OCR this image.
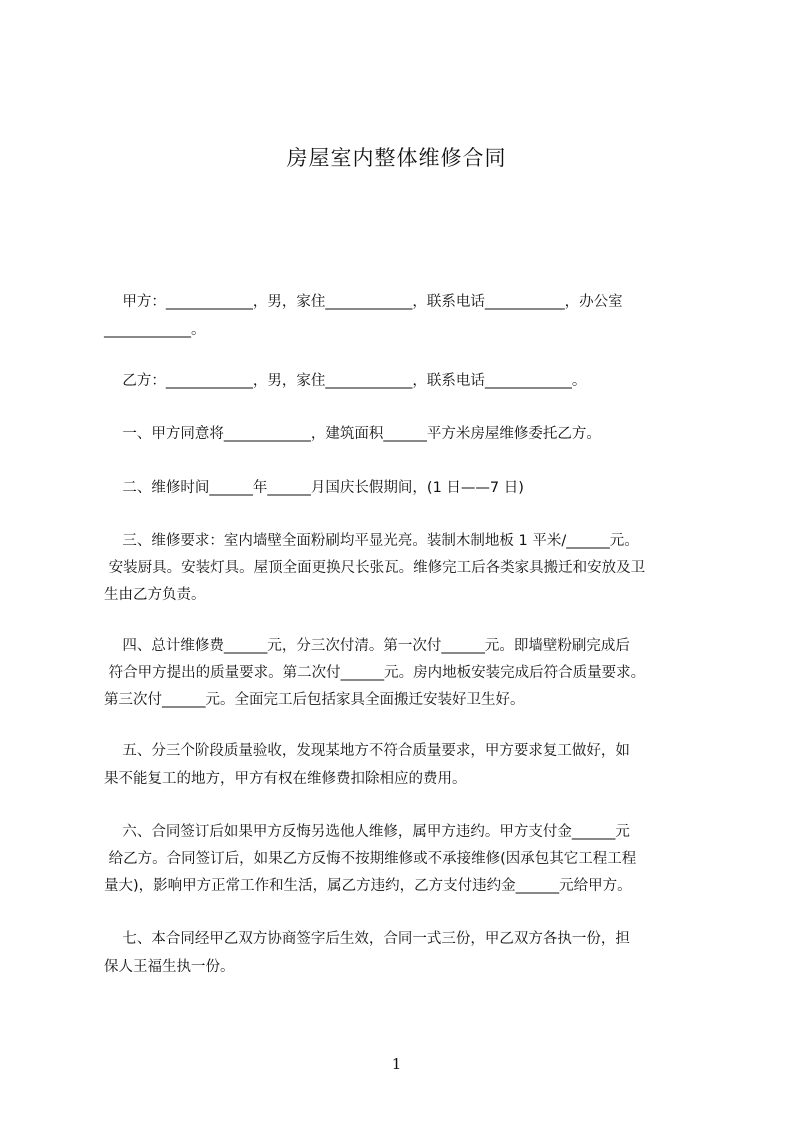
房屋室内整体维修合同
甲方：____________，男，家住____________，联系电话___________，办公室
____________。
乙方：____________，男，家住____________，联系电话____________。
一、甲方同意将____________，建筑面积______平方米房屋维修委托乙方。
二、维修时间______年______月国庆长假期间，(1 日——7 日)
三、维修要求：室内墙壁全面粉刷均平显光亮。装制木制地板 1 平米/______元。
安装厨具。安装灯具。屋顶全面更换尺长张瓦。维修完工后各类家具搬迁和安放及卫
生由乙方负责。
四、总计维修费______元，分三次付清。第一次付______元。即墙壁粉刷完成后
符合甲方提出的质量要求。第二次付______元。房内地板安装完成后符合质量要求。
第三次付______元。全面完工后包括家具全面搬迁安装好卫生好。
五、分三个阶段质量验收，发现某地方不符合质量要求，甲方要求复工做好，如
果不能复工的地方，甲方有权在维修费扣除相应的费用。
六、合同签订后如果甲方反悔另选他人维修，属甲方违约。甲方支付金______元
给乙方。合同签订后，如果乙方反悔不按期维修或不承接维修(因承包其它工程工程
量大)，影响甲方正常工作和生活，属乙方违约，乙方支付违约金______元给甲方。
七、本合同经甲乙双方协商签字后生效，合同一式三份，甲乙双方各执一份，担
保人王福生执一份。
1
